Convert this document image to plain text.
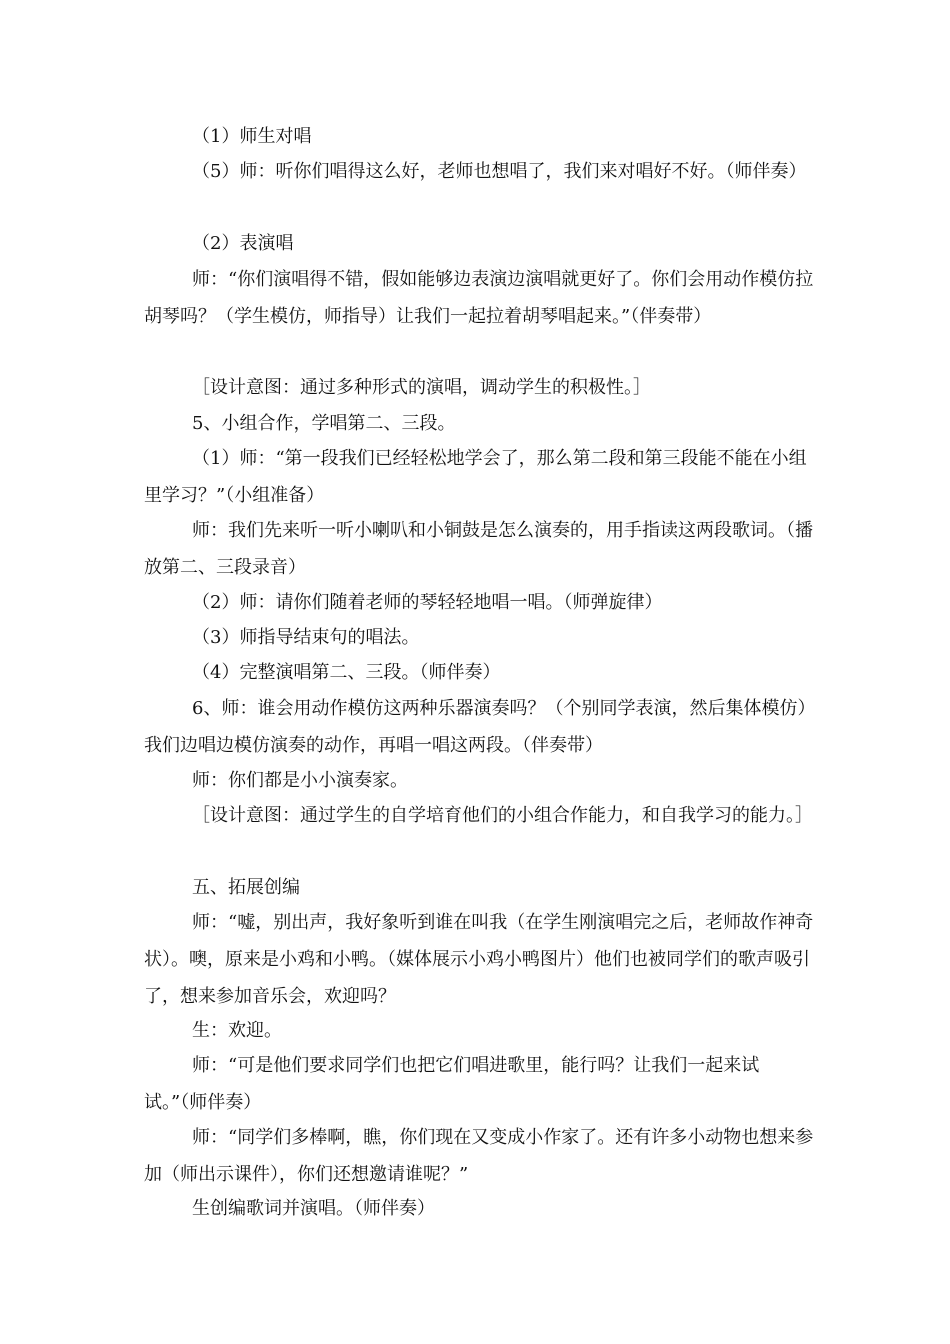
（1）师生对唱

（5）师：听你们唱得这么好，老师也想唱了，我们来对唱好不好。（师伴奏）

（2）表演唱

师：“你们演唱得不错，假如能够边表演边演唱就更好了。你们会用动作模仿拉胡琴吗？（学生模仿，师指导）让我们一起拉着胡琴唱起来。”（伴奏带）

［设计意图：通过多种形式的演唱，调动学生的积极性。］

5、小组合作，学唱第二、三段。

（1）师：“第一段我们已经轻松地学会了，那么第二段和第三段能不能在小组里学习？”（小组准备）

师：我们先来听一听小喇叭和小铜鼓是怎么演奏的，用手指读这两段歌词。（播放第二、三段录音）

（2）师：请你们随着老师的琴轻轻地唱一唱。（师弹旋律）

（3）师指导结束句的唱法。

（4）完整演唱第二、三段。（师伴奏）

6、师：谁会用动作模仿这两种乐器演奏吗？（个别同学表演，然后集体模仿）我们边唱边模仿演奏的动作，再唱一唱这两段。（伴奏带）

师：你们都是小小演奏家。

［设计意图：通过学生的自学培育他们的小组合作能力，和自我学习的能力。］

五、拓展创编

师：“嘘，别出声，我好象听到谁在叫我（在学生刚演唱完之后，老师故作神奇状）。噢，原来是小鸡和小鸭。（媒体展示小鸡小鸭图片）他们也被同学们的歌声吸引了，想来参加音乐会，欢迎吗？

生：欢迎。

师：“可是他们要求同学们也把它们唱进歌里，能行吗？让我们一起来试试。”（师伴奏）

师：“同学们多棒啊，瞧，你们现在又变成小作家了。还有许多小动物也想来参加（师出示课件），你们还想邀请谁呢？”

生创编歌词并演唱。（师伴奏）
